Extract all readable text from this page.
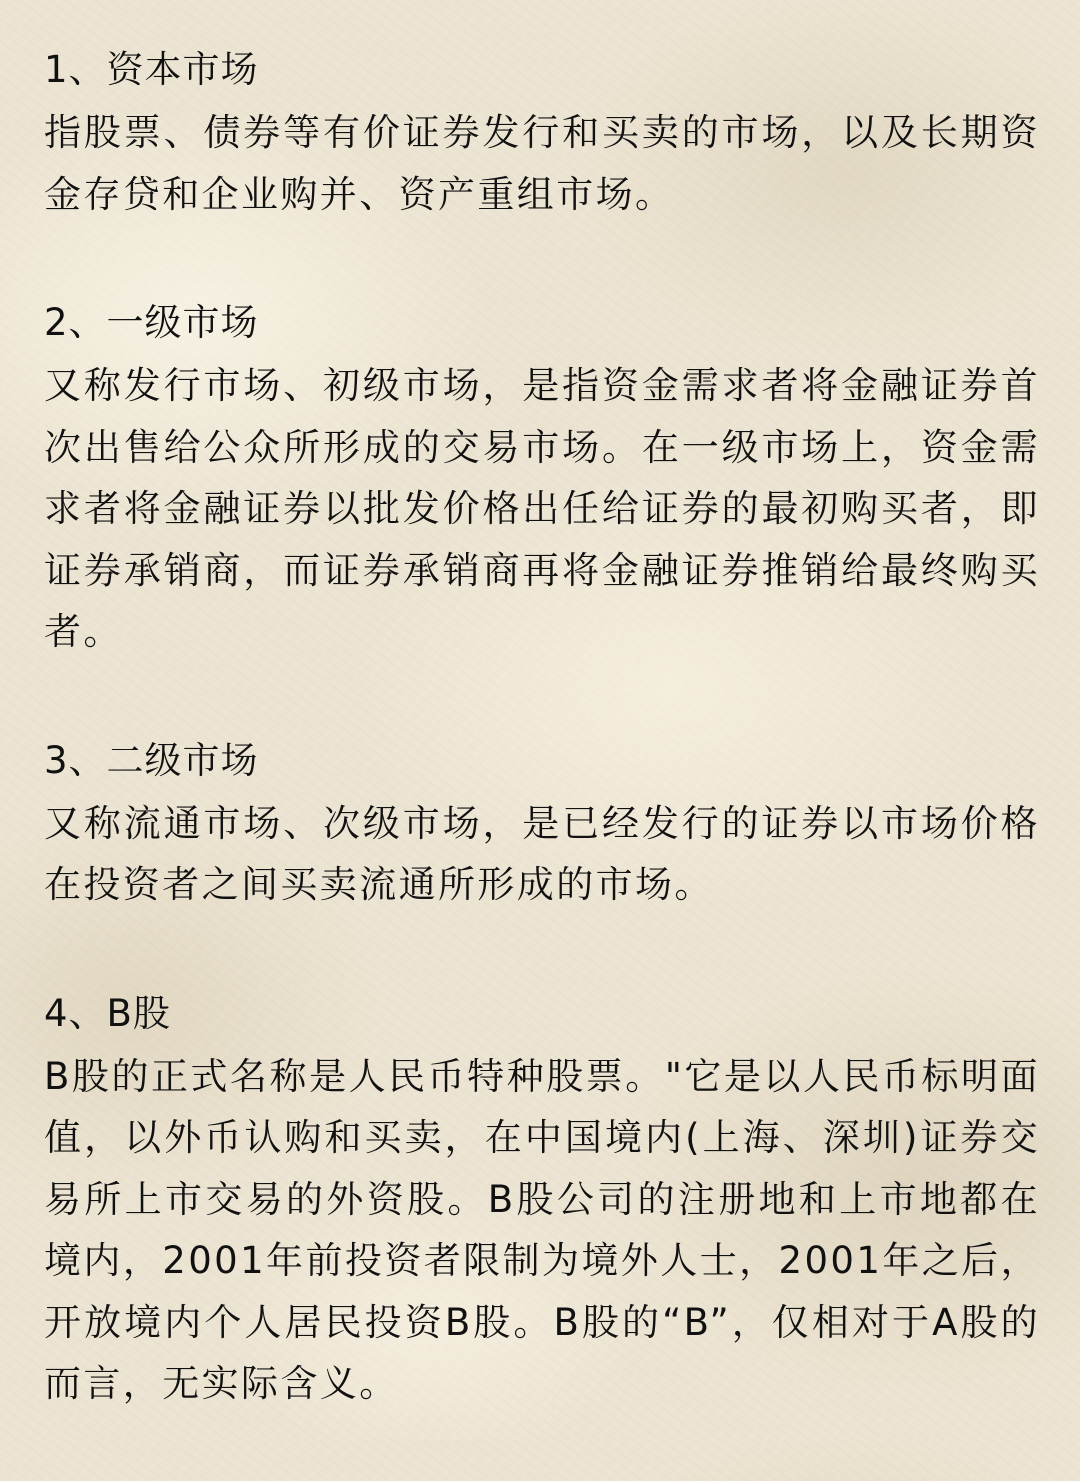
1、资本市场

指股票、债券等有价证券发行和买卖的市场，以及长期资金存贷和企业购并、资产重组市场。

2、一级市场

又称发行市场、初级市场，是指资金需求者将金融证券首次出售给公众所形成的交易市场。在一级市场上，资金需求者将金融证券以批发价格出任给证券的最初购买者，即证券承销商，而证券承销商再将金融证券推销给最终购买者。

3、二级市场

又称流通市场、次级市场，是已经发行的证券以市场价格在投资者之间买卖流通所形成的市场。

4、B股

B股的正式名称是人民币特种股票。"它是以人民币标明面值，以外币认购和买卖，在中国境内(上海、深圳)证券交易所上市交易的外资股。B股公司的注册地和上市地都在境内，2001年前投资者限制为境外人士，2001年之后，开放境内个人居民投资B股。B股的“B”，仅相对于A股的而言，无实际含义。
